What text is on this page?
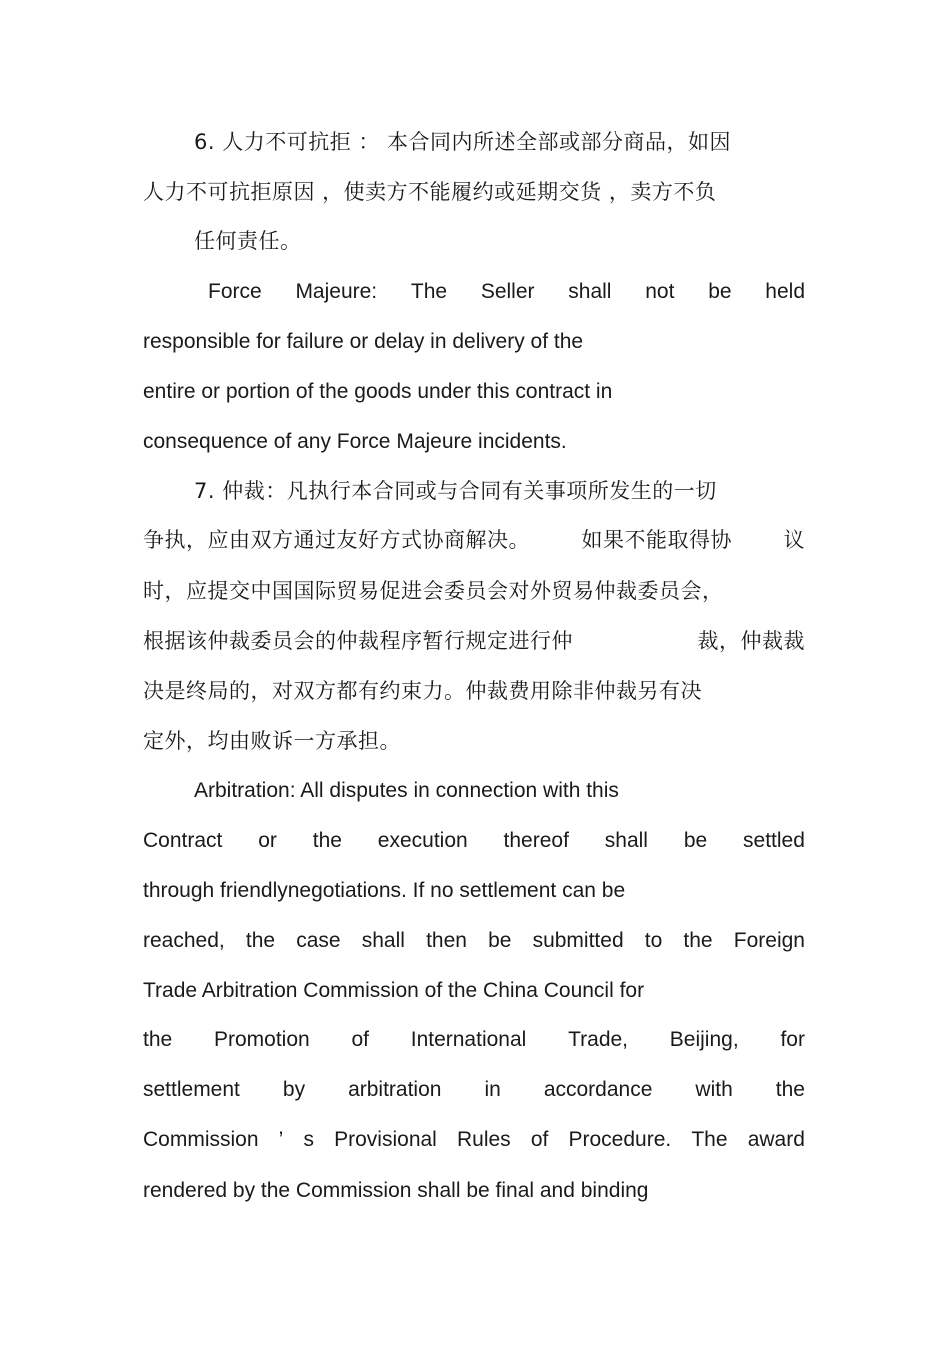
6. 人力不可抗拒 ： 本合同内所述全部或部分商品，如因
人力不可抗拒原因 ，使卖方不能履约或延期交货 ，卖方不负
任何责任。
Force Majeure: The Seller shall not be held
responsible for failure or delay in delivery of the
entire or portion of the goods under this contract in
consequence of any Force Majeure incidents.
7. 仲裁：凡执行本合同或与合同有关事项所发生的一切
争执，应由双方通过友好方式协商解决。 如果不能取得协 议
时，应提交中国国际贸易促进会委员会对外贸易仲裁委员会，
根据该仲裁委员会的仲裁程序暂行规定进行仲	裁，仲裁裁
决是终局的，对双方都有约束力。仲裁费用除非仲裁另有决
定外，均由败诉一方承担。
Arbitration: All disputes in connection with this
Contract or the execution thereof shall be settled
through friendlynegotiations. If no settlement can be
reached, the case shall then be submitted to the Foreign
Trade Arbitration Commission of the China Council for
the Promotion of International Trade, Beijing, for
settlement by arbitration in accordance with the
Commission ’ s Provisional Rules of Procedure. The award
rendered by the Commission shall be final and binding
